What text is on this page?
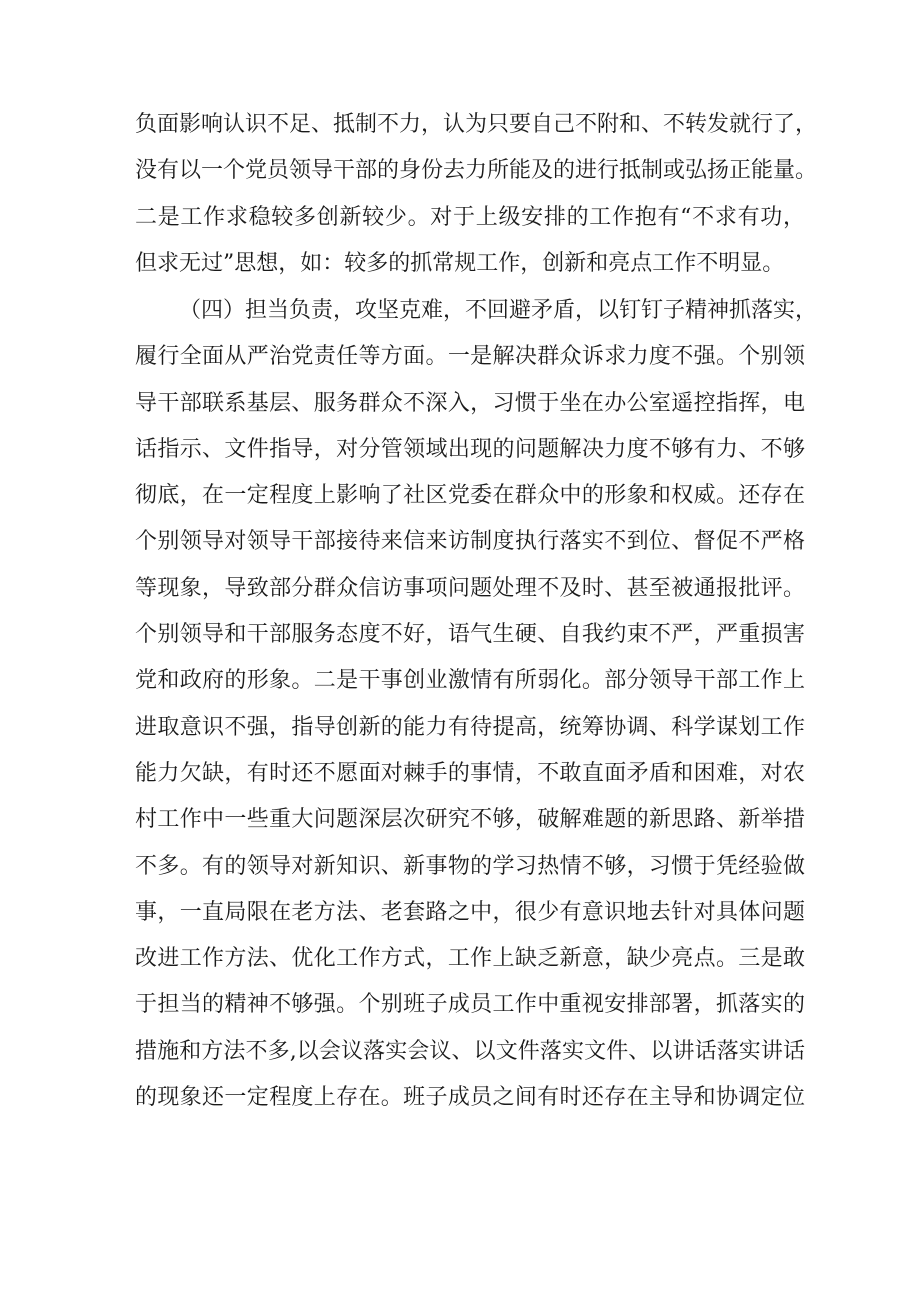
负面影响认识不足、抵制不力，认为只要自己不附和、不转发就行了，
没有以一个党员领导干部的身份去力所能及的进行抵制或弘扬正能量。
二是工作求稳较多创新较少。对于上级安排的工作抱有“不求有功，
但求无过”思想，如：较多的抓常规工作，创新和亮点工作不明显。
（四）担当负责，攻坚克难，不回避矛盾，以钉钉子精神抓落实，
履行全面从严治党责任等方面。一是解决群众诉求力度不强。个别领
导干部联系基层、服务群众不深入，习惯于坐在办公室遥控指挥，电
话指示、文件指导，对分管领域出现的问题解决力度不够有力、不够
彻底，在一定程度上影响了社区党委在群众中的形象和权威。还存在
个别领导对领导干部接待来信来访制度执行落实不到位、督促不严格
等现象，导致部分群众信访事项问题处理不及时、甚至被通报批评。
个别领导和干部服务态度不好，语气生硬、自我约束不严，严重损害
党和政府的形象。二是干事创业激情有所弱化。部分领导干部工作上
进取意识不强，指导创新的能力有待提高，统筹协调、科学谋划工作
能力欠缺，有时还不愿面对棘手的事情，不敢直面矛盾和困难，对农
村工作中一些重大问题深层次研究不够，破解难题的新思路、新举措
不多。有的领导对新知识、新事物的学习热情不够，习惯于凭经验做
事，一直局限在老方法、老套路之中，很少有意识地去针对具体问题
改进工作方法、优化工作方式，工作上缺乏新意，缺少亮点。三是敢
于担当的精神不够强。个别班子成员工作中重视安排部署，抓落实的
措施和方法不多,以会议落实会议、以文件落实文件、以讲话落实讲话
的现象还一定程度上存在。班子成员之间有时还存在主导和协调定位
